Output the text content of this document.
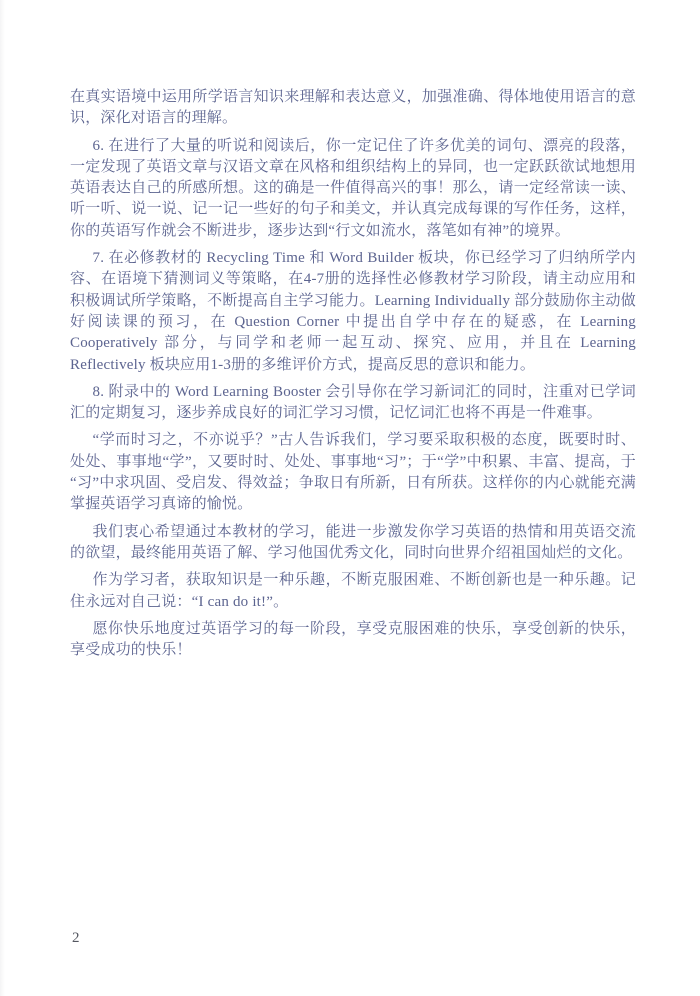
在真实语境中运用所学语言知识来理解和表达意义，加强准确、得体地使用语言的意识，深化对语言的理解。

6. 在进行了大量的听说和阅读后，你一定记住了许多优美的词句、漂亮的段落，一定发现了英语文章与汉语文章在风格和组织结构上的异同，也一定跃跃欲试地想用英语表达自己的所感所想。这的确是一件值得高兴的事！那么，请一定经常读一读、听一听、说一说、记一记一些好的句子和美文，并认真完成每课的写作任务，这样，你的英语写作就会不断进步，逐步达到“行文如流水，落笔如有神”的境界。

7. 在必修教材的 Recycling Time 和 Word Builder 板块，你已经学习了归纳所学内容、在语境下猜测词义等策略，在4-7册的选择性必修教材学习阶段，请主动应用和积极调试所学策略，不断提高自主学习能力。Learning Individually 部分鼓励你主动做好阅读课的预习，在 Question Corner 中提出自学中存在的疑惑，在 Learning Cooperatively 部分，与同学和老师一起互动、探究、应用，并且在 Learning Reflectively 板块应用1-3册的多维评价方式，提高反思的意识和能力。

8. 附录中的 Word Learning Booster 会引导你在学习新词汇的同时，注重对已学词汇的定期复习，逐步养成良好的词汇学习习惯，记忆词汇也将不再是一件难事。

“学而时习之，不亦说乎？”古人告诉我们，学习要采取积极的态度，既要时时、处处、事事地“学”，又要时时、处处、事事地“习”；于“学”中积累、丰富、提高，于“习”中求巩固、受启发、得效益；争取日有所新，日有所获。这样你的内心就能充满掌握英语学习真谛的愉悦。

我们衷心希望通过本教材的学习，能进一步激发你学习英语的热情和用英语交流的欲望，最终能用英语了解、学习他国优秀文化，同时向世界介绍祖国灿烂的文化。

作为学习者，获取知识是一种乐趣，不断克服困难、不断创新也是一种乐趣。记住永远对自己说：“I can do it!”。

愿你快乐地度过英语学习的每一阶段，享受克服困难的快乐，享受创新的快乐，享受成功的快乐！

2
